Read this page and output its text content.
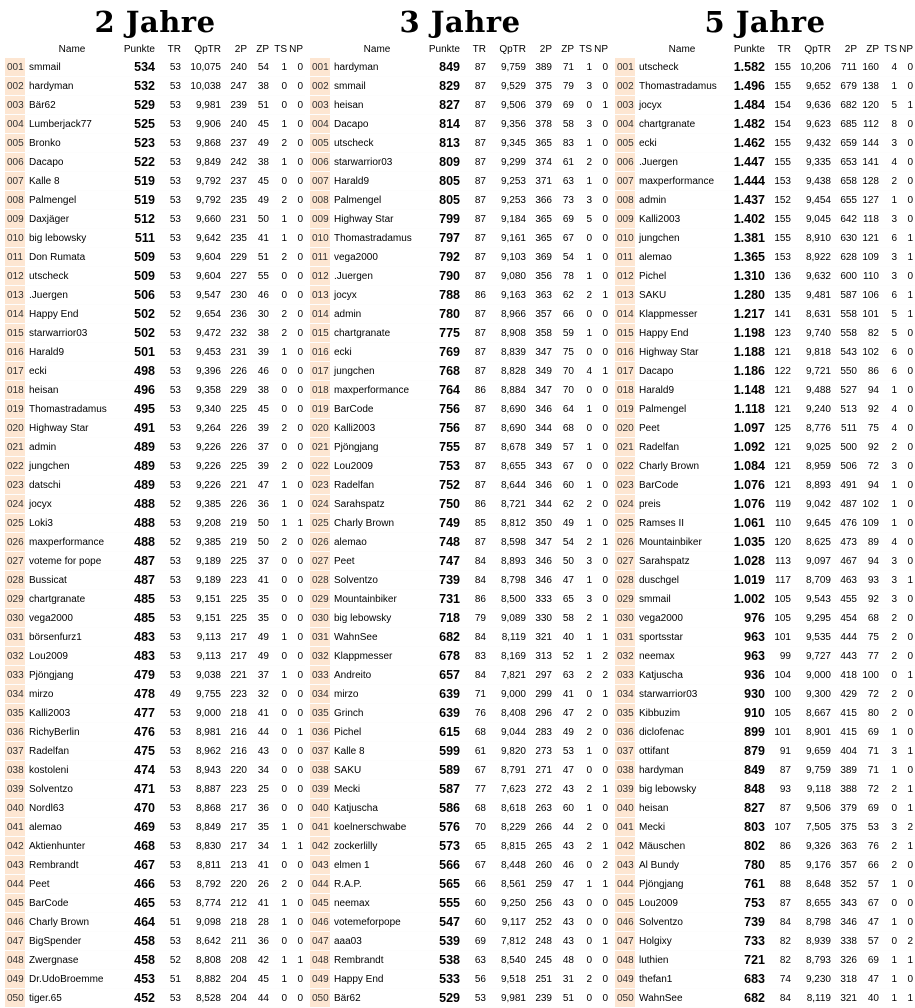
2 Jahre
	Name	Punkte	TR	QpTR	2P	ZP	TS	NP
001	smmail	534	53	10,075	240	54	1	0
002	hardyman	532	53	10,038	247	38	0	0
003	Bär62	529	53	9,981	239	51	0	0
004	Lumberjack77	525	53	9,906	240	45	1	0
005	Bronko	523	53	9,868	237	49	2	0
006	Dacapo	522	53	9,849	242	38	1	0
007	Kalle 8	519	53	9,792	237	45	0	0
008	Palmengel	519	53	9,792	235	49	2	0
009	Daxjäger	512	53	9,660	231	50	1	0
010	big lebowsky	511	53	9,642	235	41	1	0
011	Don Rumata	509	53	9,604	229	51	2	0
012	utscheck	509	53	9,604	227	55	0	0
013	.Juergen	506	53	9,547	230	46	0	0
014	Happy End	502	52	9,654	236	30	2	0
015	starwarrior03	502	53	9,472	232	38	2	0
016	Harald9	501	53	9,453	231	39	1	0
017	ecki	498	53	9,396	226	46	0	0
018	heisan	496	53	9,358	229	38	0	0
019	Thomastradamus	495	53	9,340	225	45	0	0
020	Highway Star	491	53	9,264	226	39	2	0
021	admin	489	53	9,226	226	37	0	0
022	jungchen	489	53	9,226	225	39	2	0
023	datschi	489	53	9,226	221	47	1	0
024	jocyx	488	52	9,385	226	36	1	0
025	Loki3	488	53	9,208	219	50	1	1
026	maxperformance	488	52	9,385	219	50	2	0
027	voteme for pope	487	53	9,189	225	37	0	0
028	Bussicat	487	53	9,189	223	41	0	0
029	chartgranate	485	53	9,151	225	35	0	0
030	vega2000	485	53	9,151	225	35	0	0
031	börsenfurz1	483	53	9,113	217	49	1	0
032	Lou2009	483	53	9,113	217	49	0	0
033	Pjöngjang	479	53	9,038	221	37	1	0
034	mirzo	478	49	9,755	223	32	0	0
035	Kalli2003	477	53	9,000	218	41	0	0
036	RichyBerlin	476	53	8,981	216	44	0	1
037	Radelfan	475	53	8,962	216	43	0	0
038	kostoleni	474	53	8,943	220	34	0	0
039	Solventzo	471	53	8,887	223	25	0	0
040	Nordl63	470	53	8,868	217	36	0	0
041	alemao	469	53	8,849	217	35	1	0
042	Aktienhunter	468	53	8,830	217	34	1	1
043	Rembrandt	467	53	8,811	213	41	0	0
044	Peet	466	53	8,792	220	26	2	0
045	BarCode	465	53	8,774	212	41	1	0
046	Charly Brown	464	51	9,098	218	28	1	0
047	BigSpender	458	53	8,642	211	36	0	0
048	Zwergnase	458	52	8,808	208	42	1	1
049	Dr.UdoBroemme	453	51	8,882	204	45	1	0
050	tiger.65	452	53	8,528	204	44	0	0
3 Jahre
	Name	Punkte	TR	QpTR	2P	ZP	TS	NP
001	hardyman	849	87	9,759	389	71	1	0
002	smmail	829	87	9,529	375	79	3	0
003	heisan	827	87	9,506	379	69	0	1
004	Dacapo	814	87	9,356	378	58	3	0
005	utscheck	813	87	9,345	365	83	1	0
006	starwarrior03	809	87	9,299	374	61	2	0
007	Harald9	805	87	9,253	371	63	1	0
008	Palmengel	805	87	9,253	366	73	3	0
009	Highway Star	799	87	9,184	365	69	5	0
010	Thomastradamus	797	87	9,161	365	67	0	0
011	vega2000	792	87	9,103	369	54	1	0
012	.Juergen	790	87	9,080	356	78	1	0
013	jocyx	788	86	9,163	363	62	2	1
014	admin	780	87	8,966	357	66	0	0
015	chartgranate	775	87	8,908	358	59	1	0
016	ecki	769	87	8,839	347	75	0	0
017	jungchen	768	87	8,828	349	70	4	1
018	maxperformance	764	86	8,884	347	70	0	0
019	BarCode	756	87	8,690	346	64	1	0
020	Kalli2003	756	87	8,690	344	68	0	0
021	Pjöngjang	755	87	8,678	349	57	1	0
022	Lou2009	753	87	8,655	343	67	0	0
023	Radelfan	752	87	8,644	346	60	1	0
024	Sarahspatz	750	86	8,721	344	62	2	0
025	Charly Brown	749	85	8,812	350	49	1	0
026	alemao	748	87	8,598	347	54	2	1
027	Peet	747	84	8,893	346	50	3	0
028	Solventzo	739	84	8,798	346	47	1	0
029	Mountainbiker	731	86	8,500	333	65	3	0
030	big lebowsky	718	79	9,089	330	58	2	1
031	WahnSee	682	84	8,119	321	40	1	1
032	Klappmesser	678	83	8,169	313	52	1	2
033	Andreito	657	84	7,821	297	63	2	2
034	mirzo	639	71	9,000	299	41	0	1
035	Grinch	639	76	8,408	296	47	2	0
036	Pichel	615	68	9,044	283	49	2	0
037	Kalle 8	599	61	9,820	273	53	1	0
038	SAKU	589	67	8,791	271	47	0	0
039	Mecki	587	77	7,623	272	43	2	1
040	Katjuscha	586	68	8,618	263	60	1	0
041	koelnerschwabe	576	70	8,229	266	44	2	0
042	zockerlilly	573	65	8,815	265	43	2	1
043	elmen 1	566	67	8,448	260	46	0	2
044	R.A.P.	565	66	8,561	259	47	1	1
045	neemax	555	60	9,250	256	43	0	0
046	votemeforpope	547	60	9,117	252	43	0	0
047	aaa03	539	69	7,812	248	43	0	1
048	Rembrandt	538	63	8,540	245	48	0	0
049	Happy End	533	56	9,518	251	31	2	0
050	Bär62	529	53	9,981	239	51	0	0
5 Jahre
	Name	Punkte	TR	QpTR	2P	ZP	TS	NP
001	utscheck	1.582	155	10,206	711	160	4	0
002	Thomastradamus	1.496	155	9,652	679	138	1	0
003	jocyx	1.484	154	9,636	682	120	5	1
004	chartgranate	1.482	154	9,623	685	112	8	0
005	ecki	1.462	155	9,432	659	144	3	0
006	.Juergen	1.447	155	9,335	653	141	4	0
007	maxperformance	1.444	153	9,438	658	128	2	0
008	admin	1.437	152	9,454	655	127	1	0
009	Kalli2003	1.402	155	9,045	642	118	3	0
010	jungchen	1.381	155	8,910	630	121	6	1
011	alemao	1.365	153	8,922	628	109	3	1
012	Pichel	1.310	136	9,632	600	110	3	0
013	SAKU	1.280	135	9,481	587	106	6	1
014	Klappmesser	1.217	141	8,631	558	101	5	1
015	Happy End	1.198	123	9,740	558	82	5	0
016	Highway Star	1.188	121	9,818	543	102	6	0
017	Dacapo	1.186	122	9,721	550	86	6	0
018	Harald9	1.148	121	9,488	527	94	1	0
019	Palmengel	1.118	121	9,240	513	92	4	0
020	Peet	1.097	125	8,776	511	75	4	0
021	Radelfan	1.092	121	9,025	500	92	2	0
022	Charly Brown	1.084	121	8,959	506	72	3	0
023	BarCode	1.076	121	8,893	491	94	1	0
024	preis	1.076	119	9,042	487	102	1	0
025	Ramses II	1.061	110	9,645	476	109	1	0
026	Mountainbiker	1.035	120	8,625	473	89	4	0
027	Sarahspatz	1.028	113	9,097	467	94	3	0
028	duschgel	1.019	117	8,709	463	93	3	1
029	smmail	1.002	105	9,543	455	92	3	0
030	vega2000	976	105	9,295	454	68	2	0
031	sportsstar	963	101	9,535	444	75	2	0
032	neemax	963	99	9,727	443	77	2	0
033	Katjuscha	936	104	9,000	418	100	0	1
034	starwarrior03	930	100	9,300	429	72	2	0
035	Kibbuzim	910	105	8,667	415	80	2	0
036	diclofenac	899	101	8,901	415	69	1	0
037	ottifant	879	91	9,659	404	71	3	1
038	hardyman	849	87	9,759	389	71	1	0
039	big lebowsky	848	93	9,118	388	72	2	1
040	heisan	827	87	9,506	379	69	0	1
041	Mecki	803	107	7,505	375	53	3	2
042	Mäuschen	802	86	9,326	363	76	2	1
043	Al Bundy	780	85	9,176	357	66	2	0
044	Pjöngjang	761	88	8,648	352	57	1	0
045	Lou2009	753	87	8,655	343	67	0	0
046	Solventzo	739	84	8,798	346	47	1	0
047	Holgixy	733	82	8,939	338	57	0	2
048	luthien	721	82	8,793	326	69	1	1
049	thefan1	683	74	9,230	318	47	1	0
050	WahnSee	682	84	8,119	321	40	1	1
